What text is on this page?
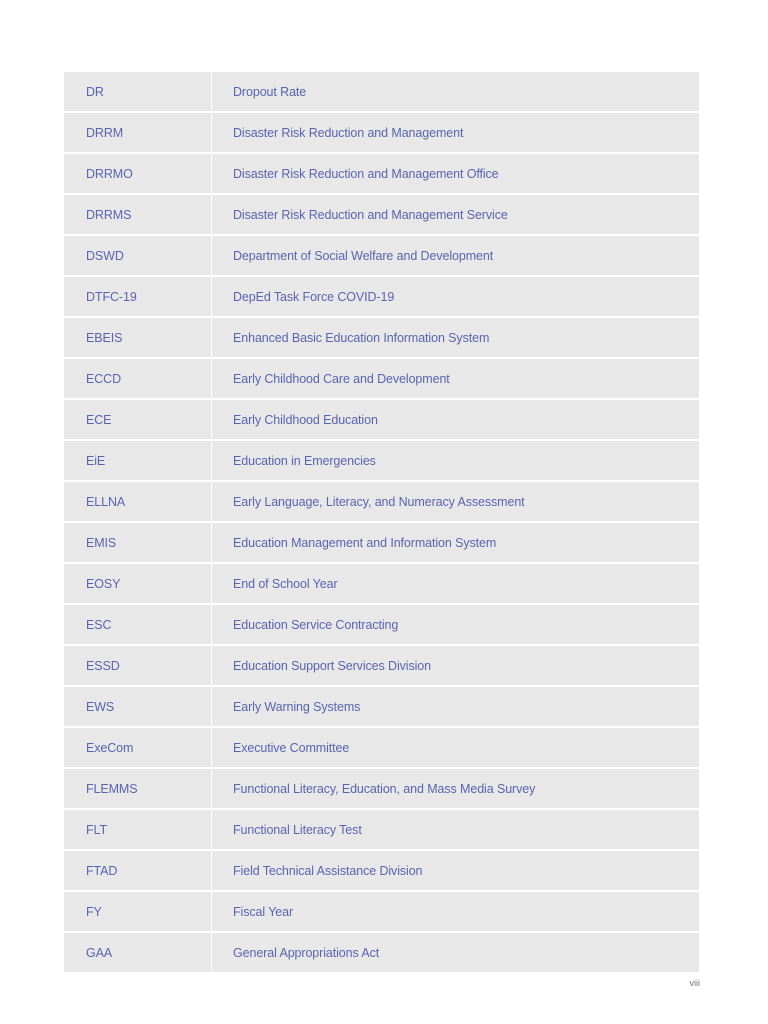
DR	Dropout Rate
DRRM	Disaster Risk Reduction and Management
DRRMO	Disaster Risk Reduction and Management Office
DRRMS	Disaster Risk Reduction and Management Service
DSWD	Department of Social Welfare and Development
DTFC-19	DepEd Task Force COVID-19
EBEIS	Enhanced Basic Education Information System
ECCD	Early Childhood Care and Development
ECE	Early Childhood Education
EiE	Education in Emergencies
ELLNA	Early Language, Literacy, and Numeracy Assessment
EMIS	Education Management and Information System
EOSY	End of School Year
ESC	Education Service Contracting
ESSD	Education Support Services Division
EWS	Early Warning Systems
ExeCom	Executive Committee
FLEMMS	Functional Literacy, Education, and Mass Media Survey
FLT	Functional Literacy Test
FTAD	Field Technical Assistance Division
FY	Fiscal Year
GAA	General Appropriations Act
viii
